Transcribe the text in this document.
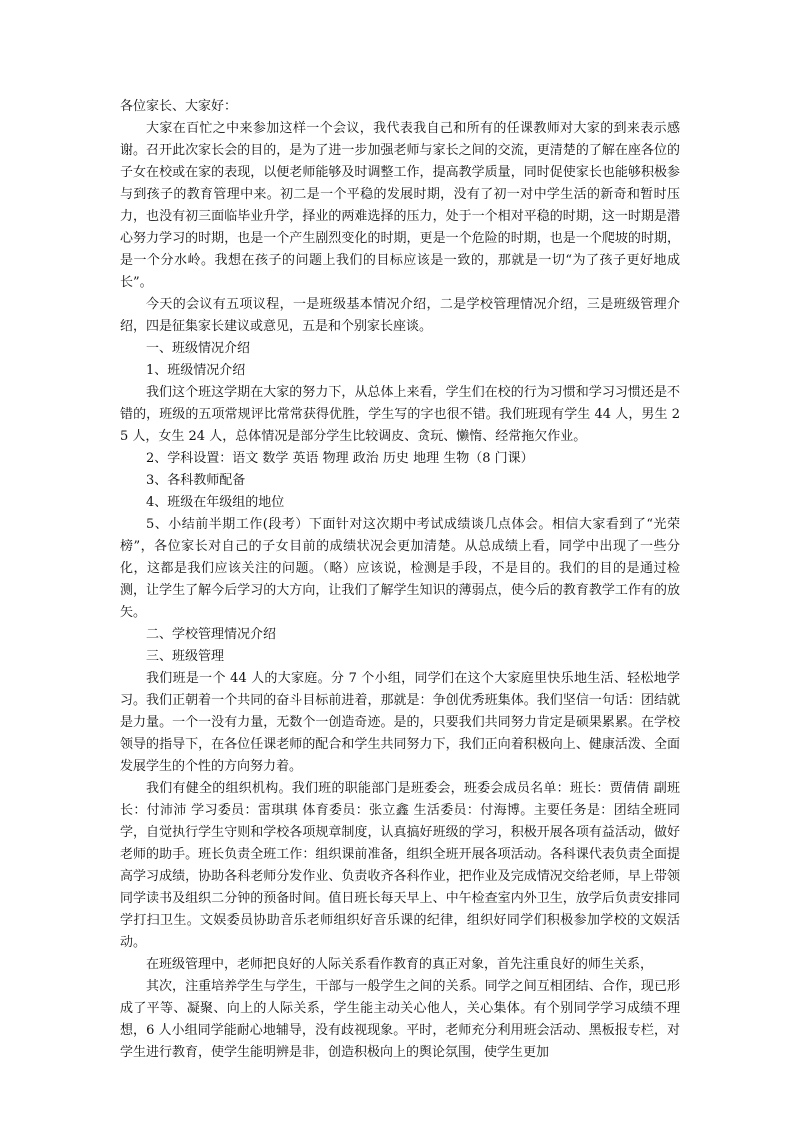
各位家长、大家好：

大家在百忙之中来参加这样一个会议，我代表我自己和所有的任课教师对大家的到来表示感谢。召开此次家长会的目的，是为了进一步加强老师与家长之间的交流，更清楚的了解在座各位的子女在校或在家的表现，以便老师能够及时调整工作，提高教学质量，同时促使家长也能够积极参与到孩子的教育管理中来。初二是一个平稳的发展时期，没有了初一对中学生活的新奇和暂时压力，也没有初三面临毕业升学，择业的两难选择的压力，处于一个相对平稳的时期，这一时期是潜心努力学习的时期，也是一个产生剧烈变化的时期，更是一个危险的时期，也是一个爬坡的时期，是一个分水岭。我想在孩子的问题上我们的目标应该是一致的，那就是一切“为了孩子更好地成长”。

今天的会议有五项议程，一是班级基本情况介绍，二是学校管理情况介绍，三是班级管理介绍，四是征集家长建议或意见，五是和个别家长座谈。

一、班级情况介绍

1、班级情况介绍

我们这个班这学期在大家的努力下，从总体上来看，学生们在校的行为习惯和学习习惯还是不错的，班级的五项常规评比常常获得优胜，学生写的字也很不错。我们班现有学生 44 人，男生 25 人，女生 24 人，总体情况是部分学生比较调皮、贪玩、懒惰、经常拖欠作业。

2、学科设置：语文 数学 英语 物理 政治 历史 地理 生物（8 门课）

3、各科教师配备

4、班级在年级组的地位

5、小结前半期工作(段考）下面针对这次期中考试成绩谈几点体会。相信大家看到了“光荣榜”，各位家长对自己的子女目前的成绩状况会更加清楚。从总成绩上看，同学中出现了一些分化，这都是我们应该关注的问题。（略）应该说，检测是手段，不是目的。我们的目的是通过检测，让学生了解今后学习的大方向，让我们了解学生知识的薄弱点，使今后的教育教学工作有的放矢。

二、学校管理情况介绍

三、班级管理

我们班是一个 44 人的大家庭。分 7 个小组，同学们在这个大家庭里快乐地生活、轻松地学习。我们正朝着一个共同的奋斗目标前进着，那就是：争创优秀班集体。我们坚信一句话：团结就是力量。一个一没有力量，无数个一创造奇迹。是的，只要我们共同努力肯定是硕果累累。在学校领导的指导下，在各位任课老师的配合和学生共同努力下，我们正向着积极向上、健康活泼、全面发展学生的个性的方向努力着。

我们有健全的组织机构。我们班的职能部门是班委会，班委会成员名单：班长：贾倩倩 副班长：付沛沛 学习委员：雷琪琪 体育委员：张立鑫 生活委员：付海博。主要任务是：团结全班同学，自觉执行学生守则和学校各项规章制度，认真搞好班级的学习，积极开展各项有益活动，做好老师的助手。班长负责全班工作：组织课前准备，组织全班开展各项活动。各科课代表负责全面提高学习成绩，协助各科老师分发作业、负责收齐各科作业，把作业及完成情况交给老师，早上带领同学读书及组织二分钟的预备时间。值日班长每天早上、中午检查室内外卫生，放学后负责安排同学打扫卫生。文娱委员协助音乐老师组织好音乐课的纪律，组织好同学们积极参加学校的文娱活动。

在班级管理中，老师把良好的人际关系看作教育的真正对象，首先注重良好的师生关系，

其次，注重培养学生与学生，干部与一般学生之间的关系。同学之间互相团结、合作，现已形成了平等、凝聚、向上的人际关系，学生能主动关心他人，关心集体。有个别同学学习成绩不理想，6 人小组同学能耐心地辅导，没有歧视现象。平时，老师充分利用班会活动、黑板报专栏，对学生进行教育，使学生能明辨是非，创造积极向上的舆论氛围，使学生更加
